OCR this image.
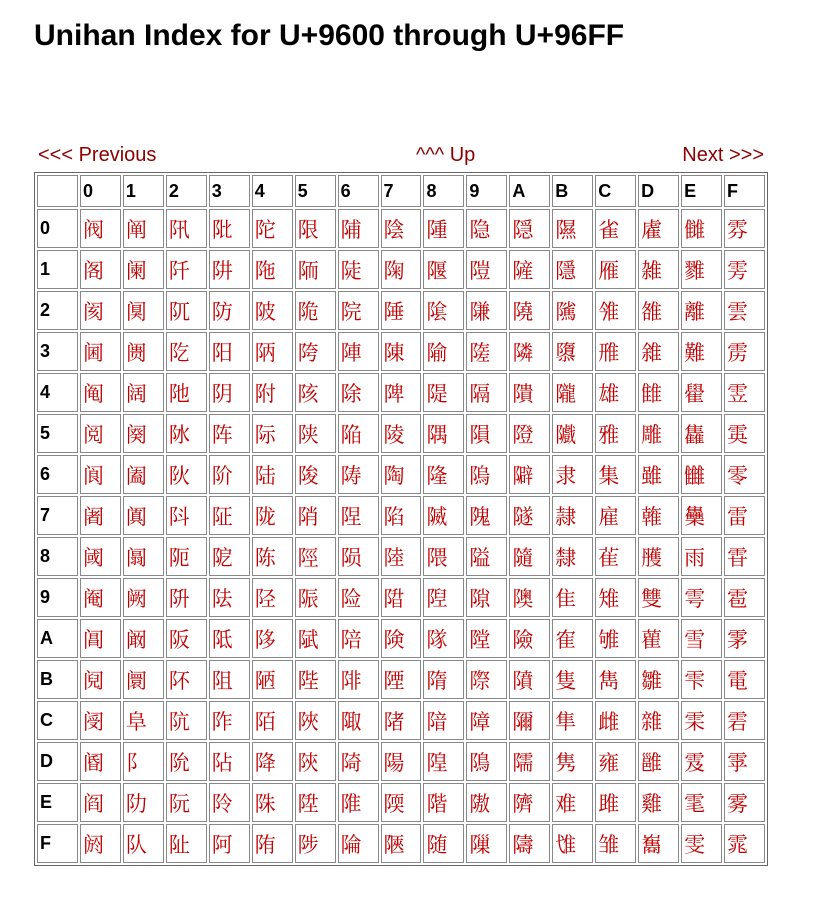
Unihan Index for U+9600 through U+96FF
<<< Previous	^^^ Up	Next >>>
	0	1	2	3	4	5	6	7	8	9	A	B	C	D	E	F
0	阀	阐	阠	阰	陀	限	陠	陰	隀	隐	隠	隰	雀	雐	雠	雰
1	阁	阑	阡	阱	陁	陑	陡	陱	隁	隑	隡	隱	雁	雑	雡	雱
2	阂	阒	阢	防	陂	陒	院	陲	隂	隒	隢	隲	雂	雒	離	雲
3	阃	阓	阣	阳	陃	陓	陣	陳	隃	隓	隣	隳	雃	雓	難	雳
4	阄	阔	阤	阴	附	陔	除	陴	隄	隔	隤	隴	雄	雔	雤	雴
5	阅	阕	阥	阵	际	陕	陥	陵	隅	隕	隥	隵	雅	雕	雥	雵
6	阆	阖	阦	阶	陆	陖	陦	陶	隆	隖	隦	隶	集	雖	雦	零
7	阇	阗	阧	阷	陇	陗	陧	陷	隇	隗	隧	隷	雇	雗	雧	雷
8	阈	阘	阨	阸	陈	陘	陨	陸	隈	隘	隨	隸	雈	雘	雨	雸
9	阉	阙	阩	阹	陉	陙	险	陹	隉	隙	隩	隹	雉	雙	雩	雹
A	阊	阚	阪	阺	陊	陚	陪	険	隊	隚	險	隺	雊	雚	雪	雺
B	阋	阛	阫	阻	陋	陛	陫	陻	隋	際	隫	隻	雋	雛	雫	電
C	阌	阜	阬	阼	陌	陜	陬	陼	隌	障	隬	隼	雌	雜	雬	雼
D	阍	阝	阭	阽	降	陝	陭	陽	隍	隝	隭	隽	雍	雝	雭	雽
E	阎	阞	阮	阾	陎	陞	陮	陾	階	隞	隮	难	雎	雞	雮	雾
F	阏	队	阯	阿	陏	陟	陯	陿	随	隟	隯	隿	雏	雟	雯	雿
